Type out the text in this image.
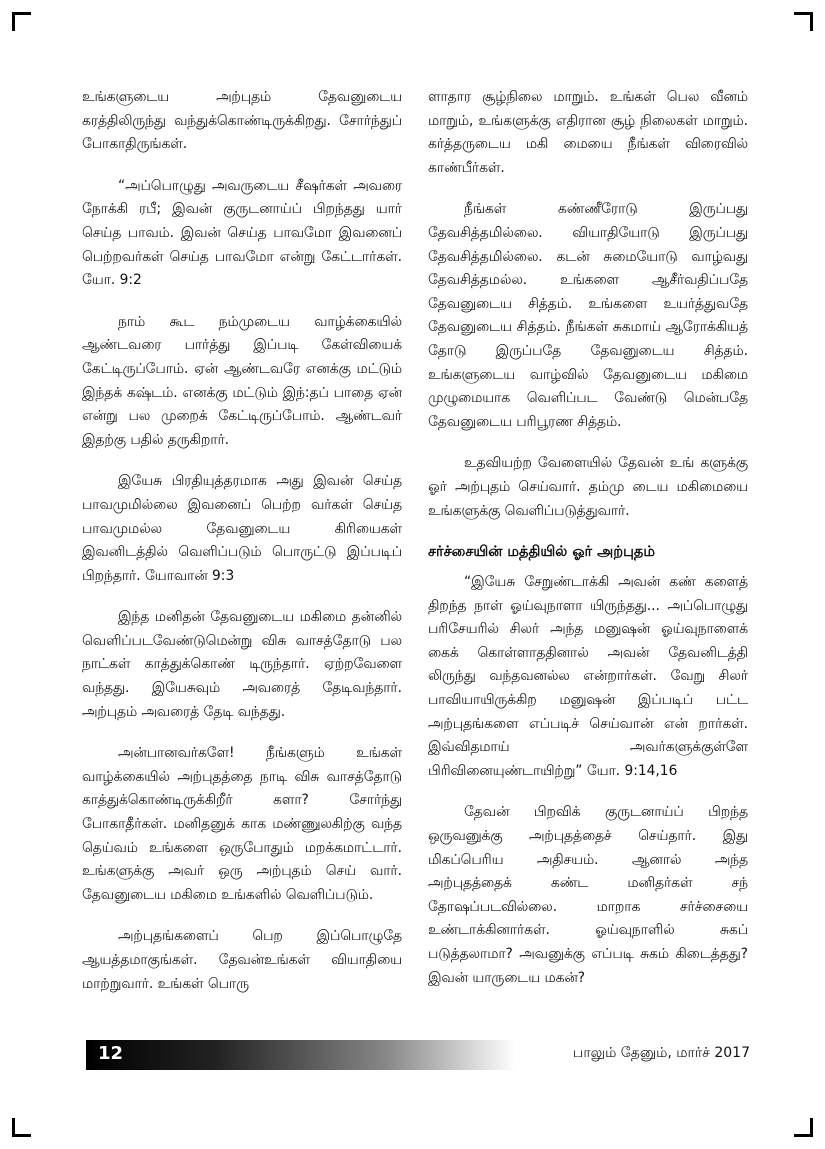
உங்களுடைய அற்புதம் தேவனுடைய கரத்திலிருந்து வந்துக்கொண்டிருக்கிறது. சோர்ந்துப் போகாதிருங்கள்.

“அப்பொழுது அவருடைய சீஷர்கள் அவரை நோக்கி ரபீ; இவன் குருடனாய்ப் பிறந்தது யார் செய்த பாவம். இவன் செய்த பாவமோ இவனைப் பெற்றவர்கள் செய்த பாவமோ என்று கேட்டார்கள். யோ. 9:2

நாம் கூட நம்முடைய வாழ்க்கையில் ஆண்டவரை பார்த்து இப்படி கேள்வியைக் கேட்டிருப்போம். ஏன் ஆண்டவரே எனக்கு மட்டும் இந்தக் கஷ்டம். எனக்கு மட்டும் இந்:தப் பாதை ஏன் என்று பல முறைக் கேட்டிருப்போம். ஆண்டவர் இதற்கு பதில் தருகிறார்.

இயேசு பிரதியுத்தரமாக அது இவன் செய்த பாவமுமில்லை இவனைப் பெற்ற வர்கள் செய்த பாவமுமல்ல தேவனுடைய கிரியைகள் இவனிடத்தில் வெளிப்படும் பொருட்டு இப்படிப் பிறந்தார். யோவான் 9:3

இந்த மனிதன் தேவனுடைய மகிமை தன்னில் வெளிப்படவேண்டுமென்று விசு வாசத்தோடு பல நாட்கள் காத்துக்கொண் டிருந்தார். ஏற்றவேளை வந்தது. இயேசுவும் அவரைத் தேடிவந்தார். அற்புதம் அவரைத் தேடி வந்தது.

அன்பானவர்களே! நீங்களும் உங்கள் வாழ்க்கையில் அற்புதத்தை நாடி விசு வாசத்தோடு காத்துக்கொண்டிருக்கிறீர் களா? சோர்ந்து போகாதீர்கள். மனிதனுக் காக மண்ணுலகிற்கு வந்த தெய்வம் உங்களை ஒருபோதும் மறக்கமாட்டார். உங்களுக்கு அவர் ஒரு அற்புதம் செய் வார். தேவனுடைய மகிமை உங்களில் வெளிப்படும்.

அற்புதங்களைப் பெற இப்பொழுதே ஆயத்தமாகுங்கள். தேவன்உங்கள் வியாதியை மாற்றுவார். உங்கள் பொரு

ளாதார சூழ்நிலை மாறும். உங்கள் பெல வீனம் மாறும், உங்களுக்கு எதிரான சூழ் நிலைகள் மாறும். கர்த்தருடைய மகி மையை நீங்கள் விரைவில் காண்பீர்கள்.

நீங்கள் கண்ணீரோடு இருப்பது தேவசித்தமில்லை. வியாதியோடு இருப்பது தேவசித்தமில்லை. கடன் சுமையோடு வாழ்வது தேவசித்தமல்ல. உங்களை ஆசீர்வதிப்பதே தேவனுடைய சித்தம். உங்களை உயர்த்துவதே தேவனுடைய சித்தம். நீங்கள் சுகமாய் ஆரோக்கியத் தோடு இருப்பதே தேவனுடைய சித்தம். உங்களுடைய வாழ்வில் தேவனுடைய மகிமை முழுமையாக வெளிப்பட வேண்டு மென்பதே தேவனுடைய பரிபூரண சித்தம்.

உதவியற்ற வேளையில் தேவன் உங் களுக்கு ஓர் அற்புதம் செய்வார். தம்மு டைய மகிமையை உங்களுக்கு வெளிப்படுத்துவார்.

சர்ச்சையின் மத்தியில் ஓர் அற்புதம்

“இயேசு சேறுண்டாக்கி அவன் கண் களைத் திறந்த நாள் ஓய்வுநாளா யிருந்தது... அப்பொழுது பரிசேயரில் சிலர் அந்த மனுஷன் ஓய்வுநாளைக் கைக் கொள்ளாததினால் அவன் தேவனிடத்தி லிருந்து வந்தவனல்ல என்றார்கள். வேறு சிலர் பாவியாயிருக்கிற மனுஷன் இப்படிப் பட்ட அற்புதங்களை எப்படிச் செய்வான் என் றார்கள். இவ்விதமாய் அவர்களுக்குள்ளே பிரிவினையுண்டாயிற்று” யோ. 9:14,16

தேவன் பிறவிக் குருடனாய்ப் பிறந்த ஒருவனுக்கு அற்புதத்தைச் செய்தார். இது மிகப்பெரிய அதிசயம். ஆனால் அந்த அற்புதத்தைக் கண்ட மனிதர்கள் சந் தோஷப்படவில்லை. மாறாக சர்ச்சையை உண்டாக்கினார்கள். ஓய்வுநாளில் சுகப் படுத்தலாமா? அவனுக்கு எப்படி சுகம் கிடைத்தது? இவன் யாருடைய மகன்?

12	பாலும் தேனும், மார்ச் 2017
